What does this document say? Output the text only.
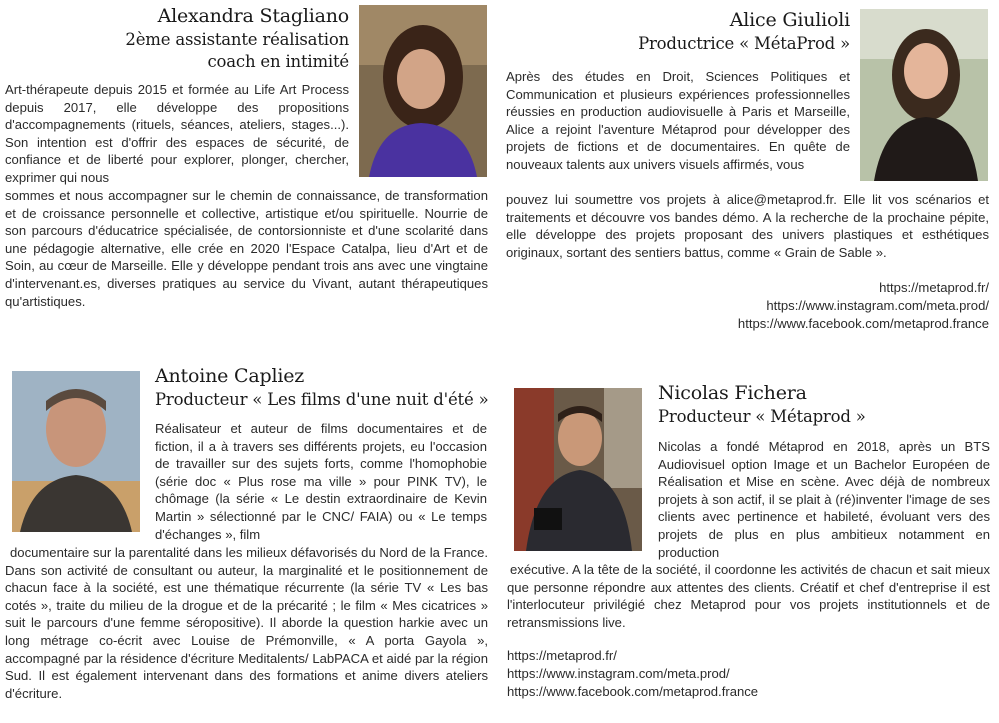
Alexandra Stagliano
2ème assistante réalisation
coach en intimité

Art-thérapeute depuis 2015 et formée au Life Art Process depuis 2017, elle développe des propositions d'accompagnements (rituels, séances, ateliers, stages...). Son intention est d'offrir des espaces de sécurité, de confiance et de liberté pour explorer, plonger, chercher, exprimer qui nous

sommes et nous accompagner sur le chemin de connaissance, de transformation et de croissance personnelle et collective, artistique et/ou spirituelle. Nourrie de son parcours d'éducatrice spécialisée, de contorsionniste et d'une scolarité dans une pédagogie alternative, elle crée en 2020 l'Espace Catalpa, lieu d'Art et de Soin, au cœur de Marseille. Elle y développe pendant trois ans avec une vingtaine d'intervenant.es, diverses pratiques au service du Vivant, autant thérapeutiques qu'artistiques.

Alice Giulioli
Productrice « MétaProd »

Après des études en Droit, Sciences Politiques et Communication et plusieurs expériences professionnelles réussies en production audiovisuelle à Paris et Marseille, Alice a rejoint l'aventure Métaprod pour développer des projets de fictions et de documentaires. En quête de nouveaux talents aux univers visuels affirmés, vous

pouvez lui soumettre vos projets à alice@metaprod.fr. Elle lit vos scénarios et traitements et découvre vos bandes démo. A la recherche de la prochaine pépite, elle développe des projets proposant des univers plastiques et esthétiques originaux, sortant des sentiers battus, comme « Grain de Sable ».

https://metaprod.fr/
https://www.instagram.com/meta.prod/
https://www.facebook.com/metaprod.france
Antoine Capliez
Producteur « Les films d'une nuit d'été »

Réalisateur et auteur de films documentaires et de fiction, il a à travers ses différents projets, eu l'occasion de travailler sur des sujets forts, comme l'homophobie (série doc « Plus rose ma ville » pour PINK TV), le chômage (la série « Le destin extraordinaire de Kevin Martin » sélectionné par le CNC/ FAIA) ou « Le temps d'échanges », film

documentaire sur la parentalité dans les milieux défavorisés du Nord de la France. Dans son activité de consultant ou auteur, la marginalité et le positionnement de chacun face à la société, est une thématique récurrente (la série TV « Les bas cotés », traite du milieu de la drogue et de la précarité ; le film « Mes cicatrices » suit le parcours d'une femme séropositive). Il aborde la question harkie avec un long métrage co-écrit avec Louise de Prémonville, « A porta Gayola », accompagné par la résidence d'écriture Meditalents/ LabPACA et aidé par la région Sud. Il est également intervenant dans des formations et anime divers ateliers d'écriture.

Nicolas Fichera
Producteur « Métaprod »

Nicolas a fondé Métaprod en 2018, après un BTS Audiovisuel option Image et un Bachelor Européen de Réalisation et Mise en scène. Avec déjà de nombreux projets à son actif, il se plait à (ré)inventer l'image de ses clients avec pertinence et habileté, évoluant vers des projets de plus en plus ambitieux notamment en production

exécutive. A la tête de la société, il coordonne les activités de chacun et sait mieux que personne répondre aux attentes des clients. Créatif et chef d'entreprise il est l'interlocuteur privilégié chez Metaprod pour vos projets institutionnels et de retransmissions live.

https://metaprod.fr/
https://www.instagram.com/meta.prod/
https://www.facebook.com/metaprod.france
